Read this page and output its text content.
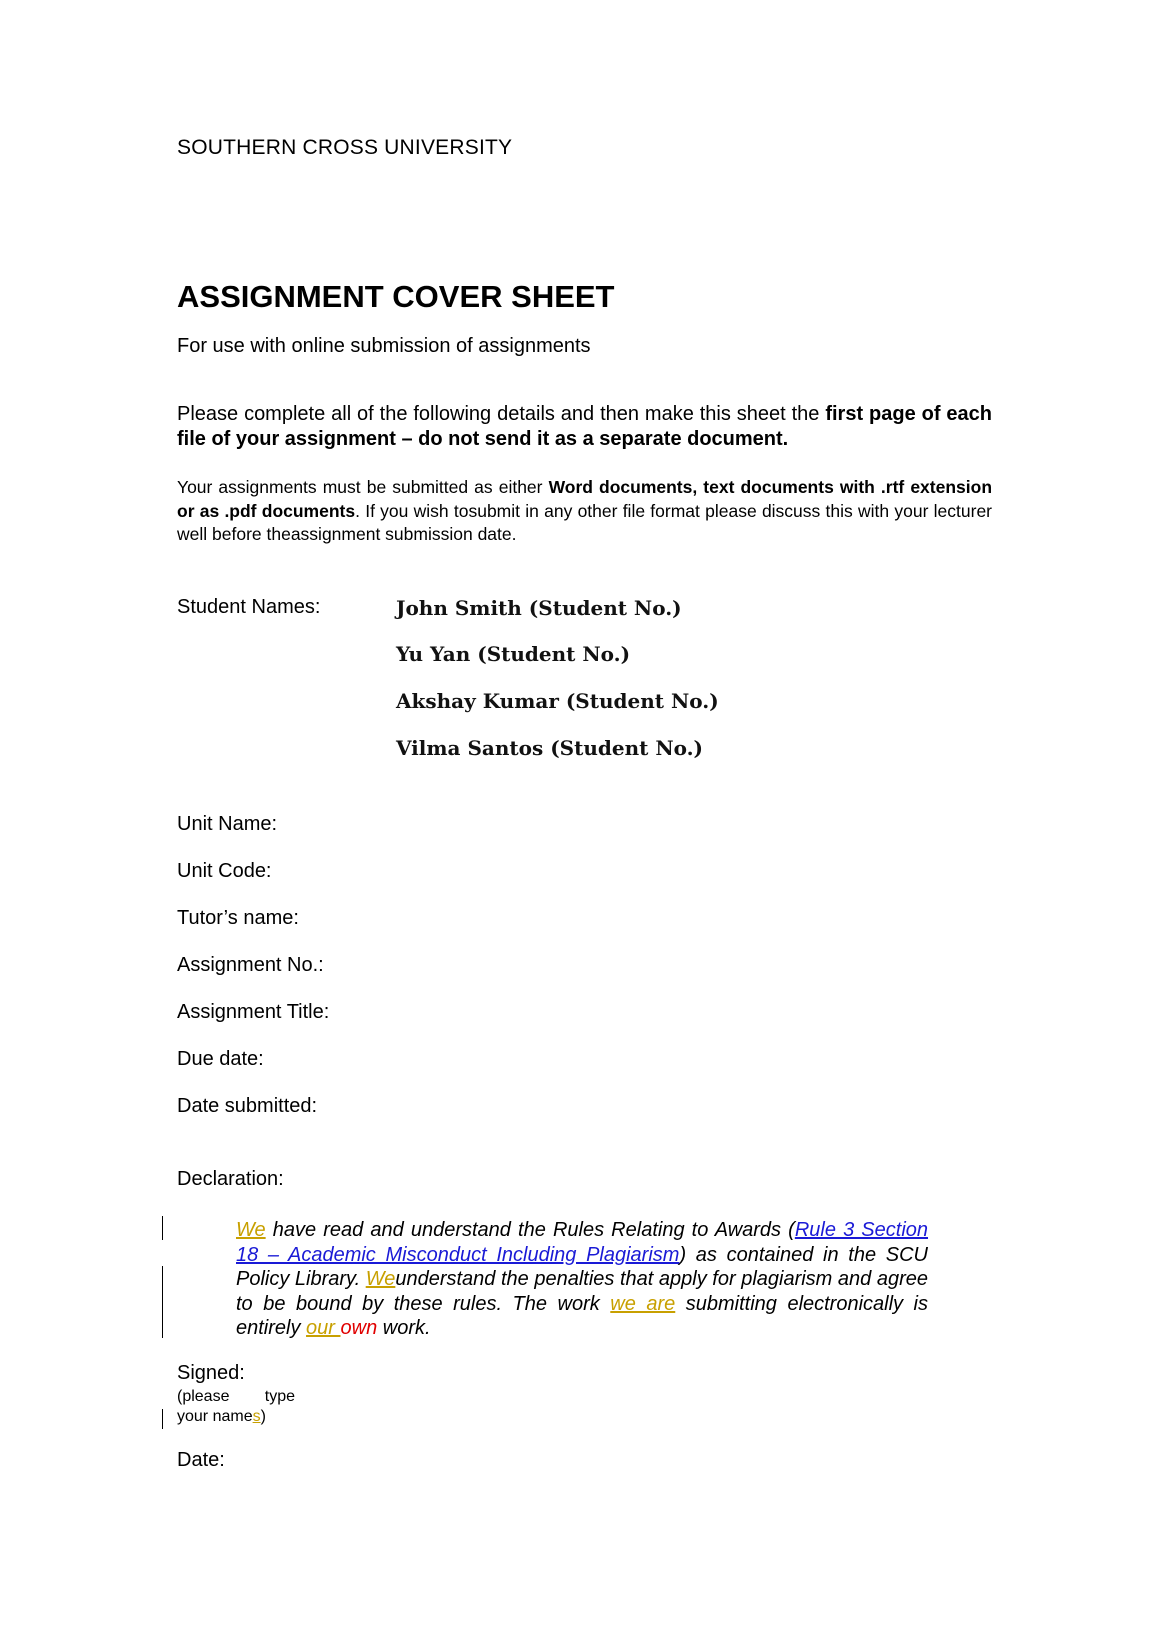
SOUTHERN CROSS UNIVERSITY
ASSIGNMENT COVER SHEET
For use with online submission of assignments
Please complete all of the following details and then make this sheet the first page of each file of your assignment – do not send it as a separate document.
Your assignments must be submitted as either Word documents, text documents with .rtf extension or as .pdf documents. If you wish tosubmit in any other file format please discuss this with your lecturer well before theassignment submission date.
Student Names:	John Smith (Student No.)
Yu Yan (Student No.)
Akshay Kumar (Student No.)
Vilma Santos (Student No.)
Unit Name:
Unit Code:
Tutor’s name:
Assignment No.:
Assignment Title:
Due date:
Date submitted:
Declaration:
We have read and understand the Rules Relating to Awards (Rule 3 Section 18 – Academic Misconduct Including Plagiarism) as contained in the SCU Policy Library. Weunderstand the penalties that apply for plagiarism and agree to be bound by these rules. The work we are submitting electronically is entirely our own work.
Signed:
(please type
your names)
Date:
